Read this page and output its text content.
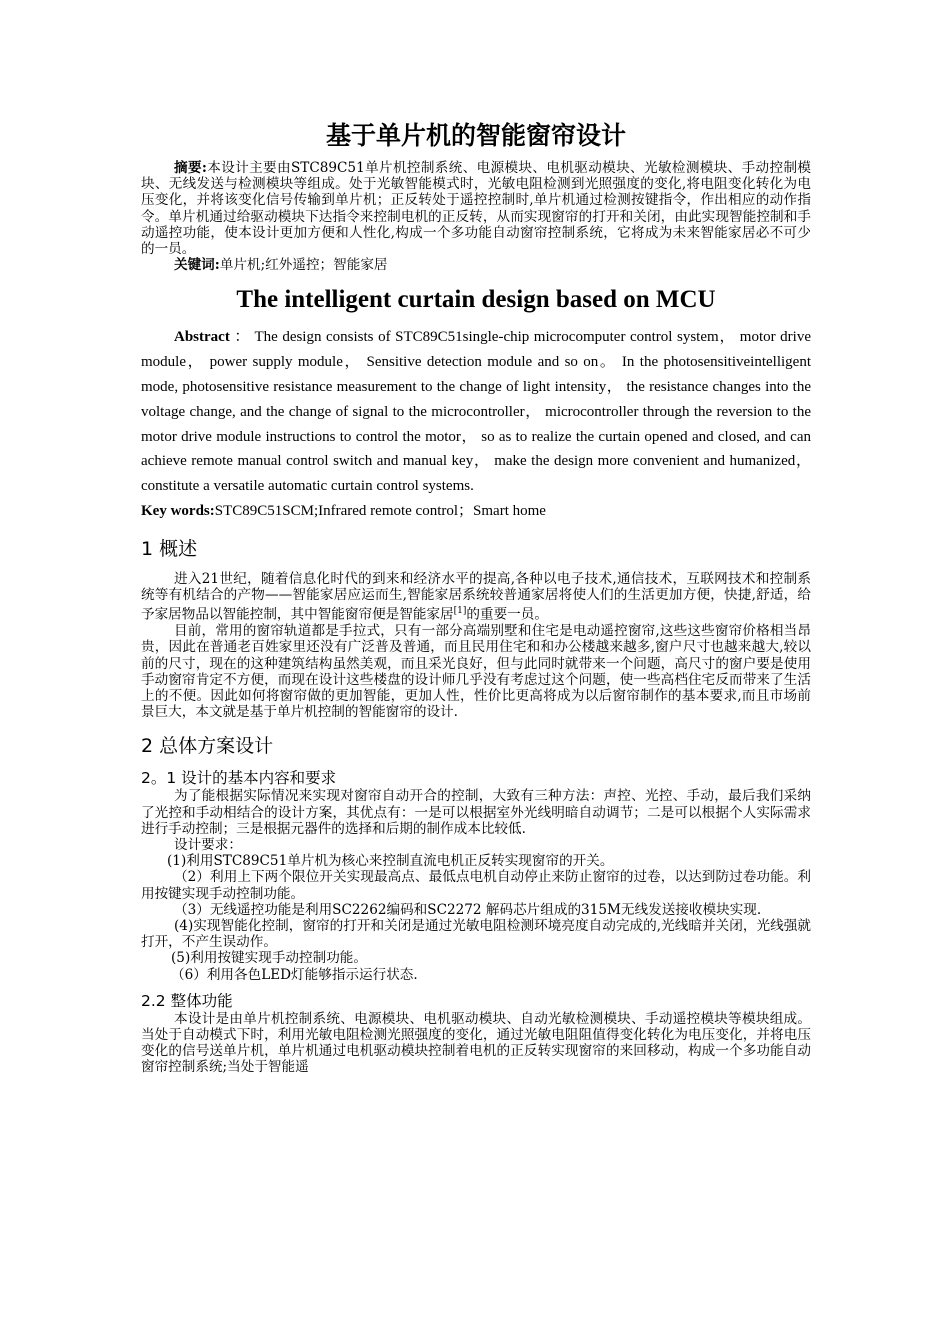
基于单片机的智能窗帘设计

摘要:本设计主要由STC89C51单片机控制系统、电源模块、电机驱动模块、光敏检测模块、手动控制模块、无线发送与检测模块等组成。处于光敏智能模式时，光敏电阻检测到光照强度的变化,将电阻变化转化为电压变化，并将该变化信号传输到单片机；正反转处于遥控控制时,单片机通过检测按键指令，作出相应的动作指令。单片机通过给驱动模块下达指令来控制电机的正反转，从而实现窗帘的打开和关闭，由此实现智能控制和手动遥控功能，使本设计更加方便和人性化,构成一个多功能自动窗帘控制系统，它将成为未来智能家居必不可少的一员。

关键词:单片机;红外遥控；智能家居

The intelligent curtain design based on MCU

Abstract ： The design consists of STC89C51single-chip microcomputer control system， motor drive module， power supply module， Sensitive detection module and so on。 In the photosensitiveintelligent mode, photosensitive resistance measurement to the change of light intensity， the resistance changes into the voltage change, and the change of signal to the microcontroller， microcontroller through the reversion to the motor drive module instructions to control the motor， so as to realize the curtain opened and closed, and can achieve remote manual control switch and manual key， make the design more convenient and humanized，constitute a versatile automatic curtain control systems.

Key words:STC89C51SCM;Infrared remote control；Smart home

1 概述

进入21世纪，随着信息化时代的到来和经济水平的提高,各种以电子技术,通信技术，互联网技术和控制系统等有机结合的产物——智能家居应运而生,智能家居系统较普通家居将使人们的生活更加方便，快捷,舒适，给予家居物品以智能控制，其中智能窗帘便是智能家居[1]的重要一员。

目前，常用的窗帘轨道都是手拉式，只有一部分高端别墅和住宅是电动遥控窗帘,这些这些窗帘价格相当昂贵，因此在普通老百姓家里还没有广泛普及普通，而且民用住宅和和办公楼越来越多,窗户尺寸也越来越大,较以前的尺寸，现在的这种建筑结构虽然美观，而且采光良好，但与此同时就带来一个问题，高尺寸的窗户要是使用手动窗帘肯定不方便，而现在设计这些楼盘的设计师几乎没有考虑过这个问题，使一些高档住宅反而带来了生活上的不便。因此如何将窗帘做的更加智能，更加人性，性价比更高将成为以后窗帘制作的基本要求,而且市场前景巨大，本文就是基于单片机控制的智能窗帘的设计.

2 总体方案设计
2。1 设计的基本内容和要求

为了能根据实际情况来实现对窗帘自动开合的控制，大致有三种方法：声控、光控、手动，最后我们采纳了光控和手动相结合的设计方案，其优点有：一是可以根据室外光线明暗自动调节；二是可以根据个人实际需求进行手动控制；三是根据元器件的选择和后期的制作成本比较低.

设计要求：

(1)利用STC89C51单片机为核心来控制直流电机正反转实现窗帘的开关。

（2）利用上下两个限位开关实现最高点、最低点电机自动停止来防止窗帘的过卷，以达到防过卷功能。利用按键实现手动控制功能。

（3）无线遥控功能是利用SC2262编码和SC2272 解码芯片组成的315M无线发送接收模块实现.

(4)实现智能化控制，窗帘的打开和关闭是通过光敏电阻检测环境亮度自动完成的,光线暗并关闭，光线强就打开，不产生误动作。

(5)利用按键实现手动控制功能。

（6）利用各色LED灯能够指示运行状态.

2.2 整体功能

本设计是由单片机控制系统、电源模块、电机驱动模块、自动光敏检测模块、手动遥控模块等模块组成。当处于自动模式下时，利用光敏电阻检测光照强度的变化，通过光敏电阻阻值得变化转化为电压变化，并将电压变化的信号送单片机，单片机通过电机驱动模块控制着电机的正反转实现窗帘的来回移动，构成一个多功能自动窗帘控制系统;当处于智能遥
